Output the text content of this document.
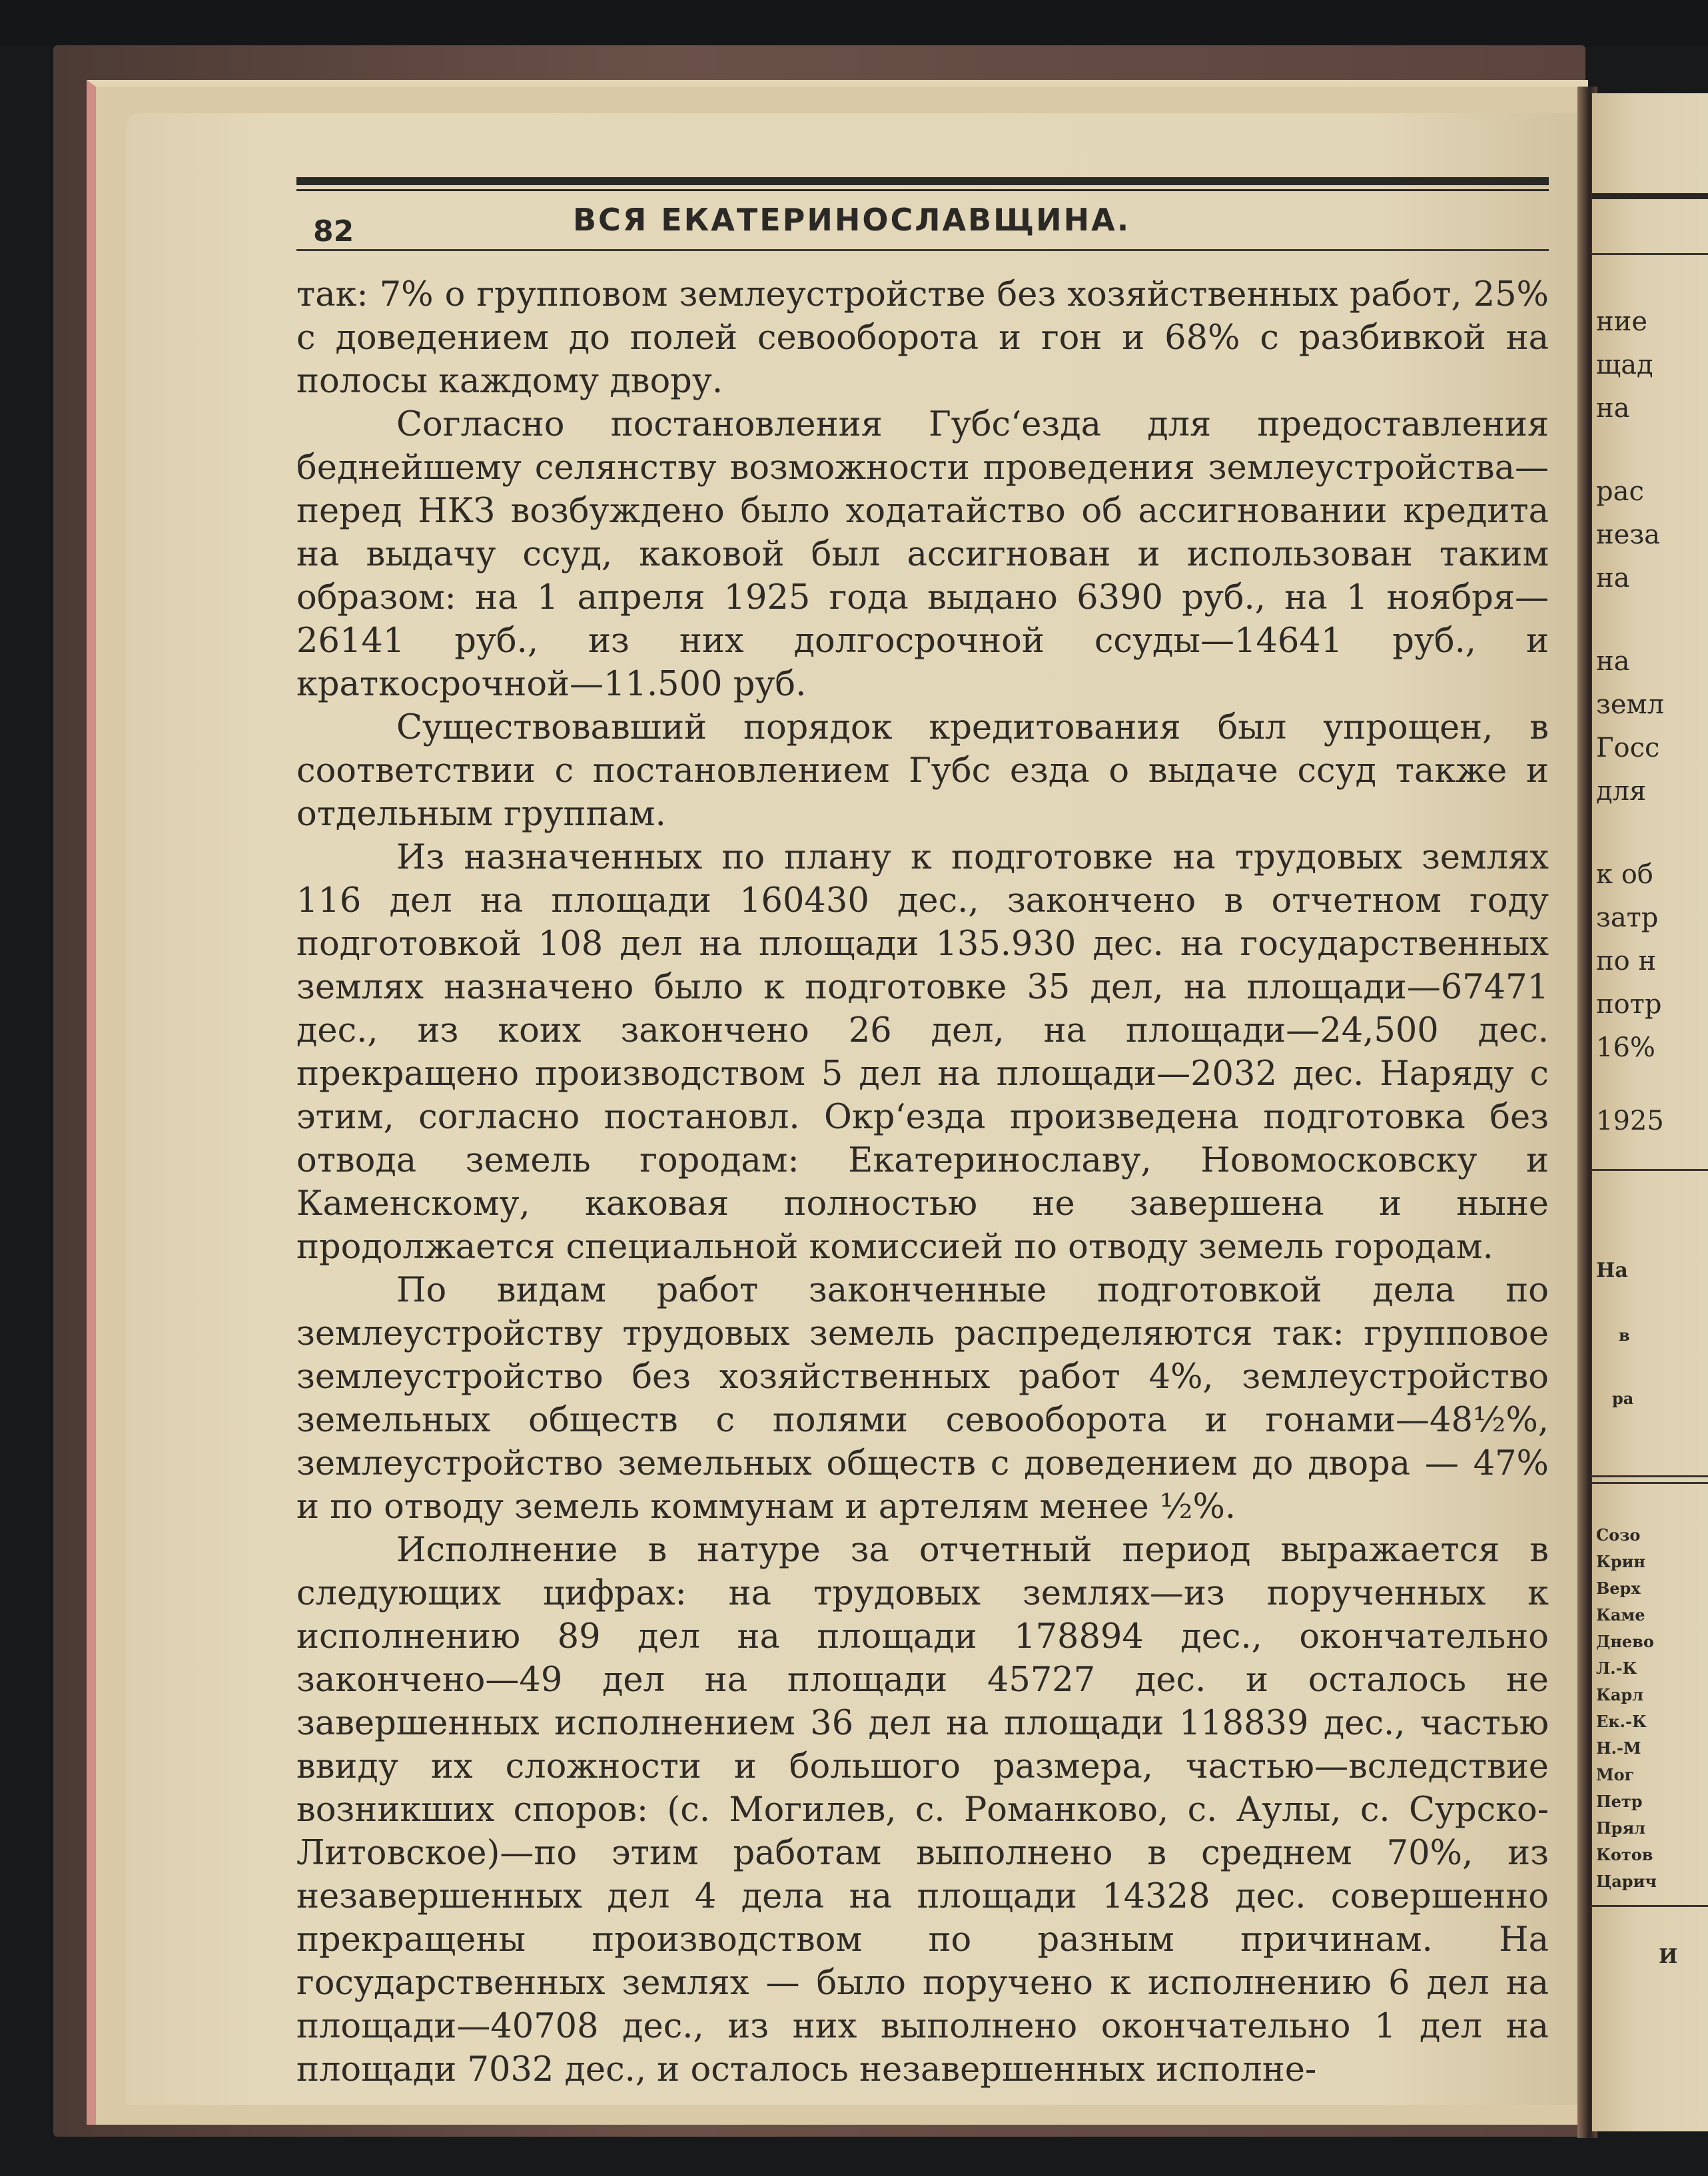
82	ВСЯ ЕКАТЕРИНОСЛАВЩИНА.

так: 7% о групповом землеустройстве без хозяйственных работ, 25% с доведением до полей севооборота и гон и 68% с разбивкой на полосы каждому двору.

Согласно постановления Губс‘езда для предоставления беднейшему селянству возможности проведения землеустройства—перед НКЗ возбуждено было ходатайство об ассигновании кредита на выдачу ссуд, каковой был ассигнован и использован таким образом: на 1 апреля 1925 года выдано 6390 руб., на 1 ноября—26141 руб., из них долгосрочной ссуды—14641 руб., и краткосрочной—11.500 руб.

Существовавший порядок кредитования был упрощен, в соответствии с постановлением Губс езда о выдаче ссуд также и отдельным группам.

Из назначенных по плану к подготовке на трудовых землях 116 дел на площади 160430 дес., закончено в отчетном году подготовкой 108 дел на площади 135.930 дес. на государственных землях назначено было к подготовке 35 дел, на площади—67471 дес., из коих закончено 26 дел, на площади—24,500 дес. прекращено производством 5 дел на площади—2032 дес. Наряду с этим, согласно постановл. Окр‘езда произведена подготовка без отвода земель городам: Екатеринославу, Новомосковску и Каменскому, каковая полностью не завершена и ныне продолжается специальной комиссией по отводу земель городам.

По видам работ законченные подготовкой дела по землеустройству трудовых земель распределяются так: групповое землеустройство без хозяйственных работ 4%, землеустройство земельных обществ с полями севооборота и гонами—48½%, землеустройство земельных обществ с доведением до двора — 47% и по отводу земель коммунам и артелям менее ½%.

Исполнение в натуре за отчетный период выражается в следующих цифрах: на трудовых землях—из порученных к исполнению 89 дел на площади 178894 дес., окончательно закончено—49 дел на площади 45727 дес. и осталось не завершенных исполнением 36 дел на площади 118839 дес., частью ввиду их сложности и большого размера, частью—вследствие возникших споров: (с. Могилев, с. Романково, с. Аулы, с. Сурско-Литовское)—по этим работам выполнено в среднем 70%, из незавершенных дел 4 дела на площади 14328 дес. совершенно прекращены производством по разным причинам. На государственных землях — было поручено к исполнению 6 дел на площади—40708 дес., из них выполнено окончательно 1 дел на площади 7032 дес., и осталось незавершенных исполне-

ние
щад
на
рас
неза
на
на
земл
Госс
для
к об
затр
по н
потр
16%
1925
На
в
ра
Созо
Крин
Верх
Каме
Днево
Л.-К
Карл
Ек.-К
Н.-М
Мог
Петр
Прял
Котов
Царич
И
